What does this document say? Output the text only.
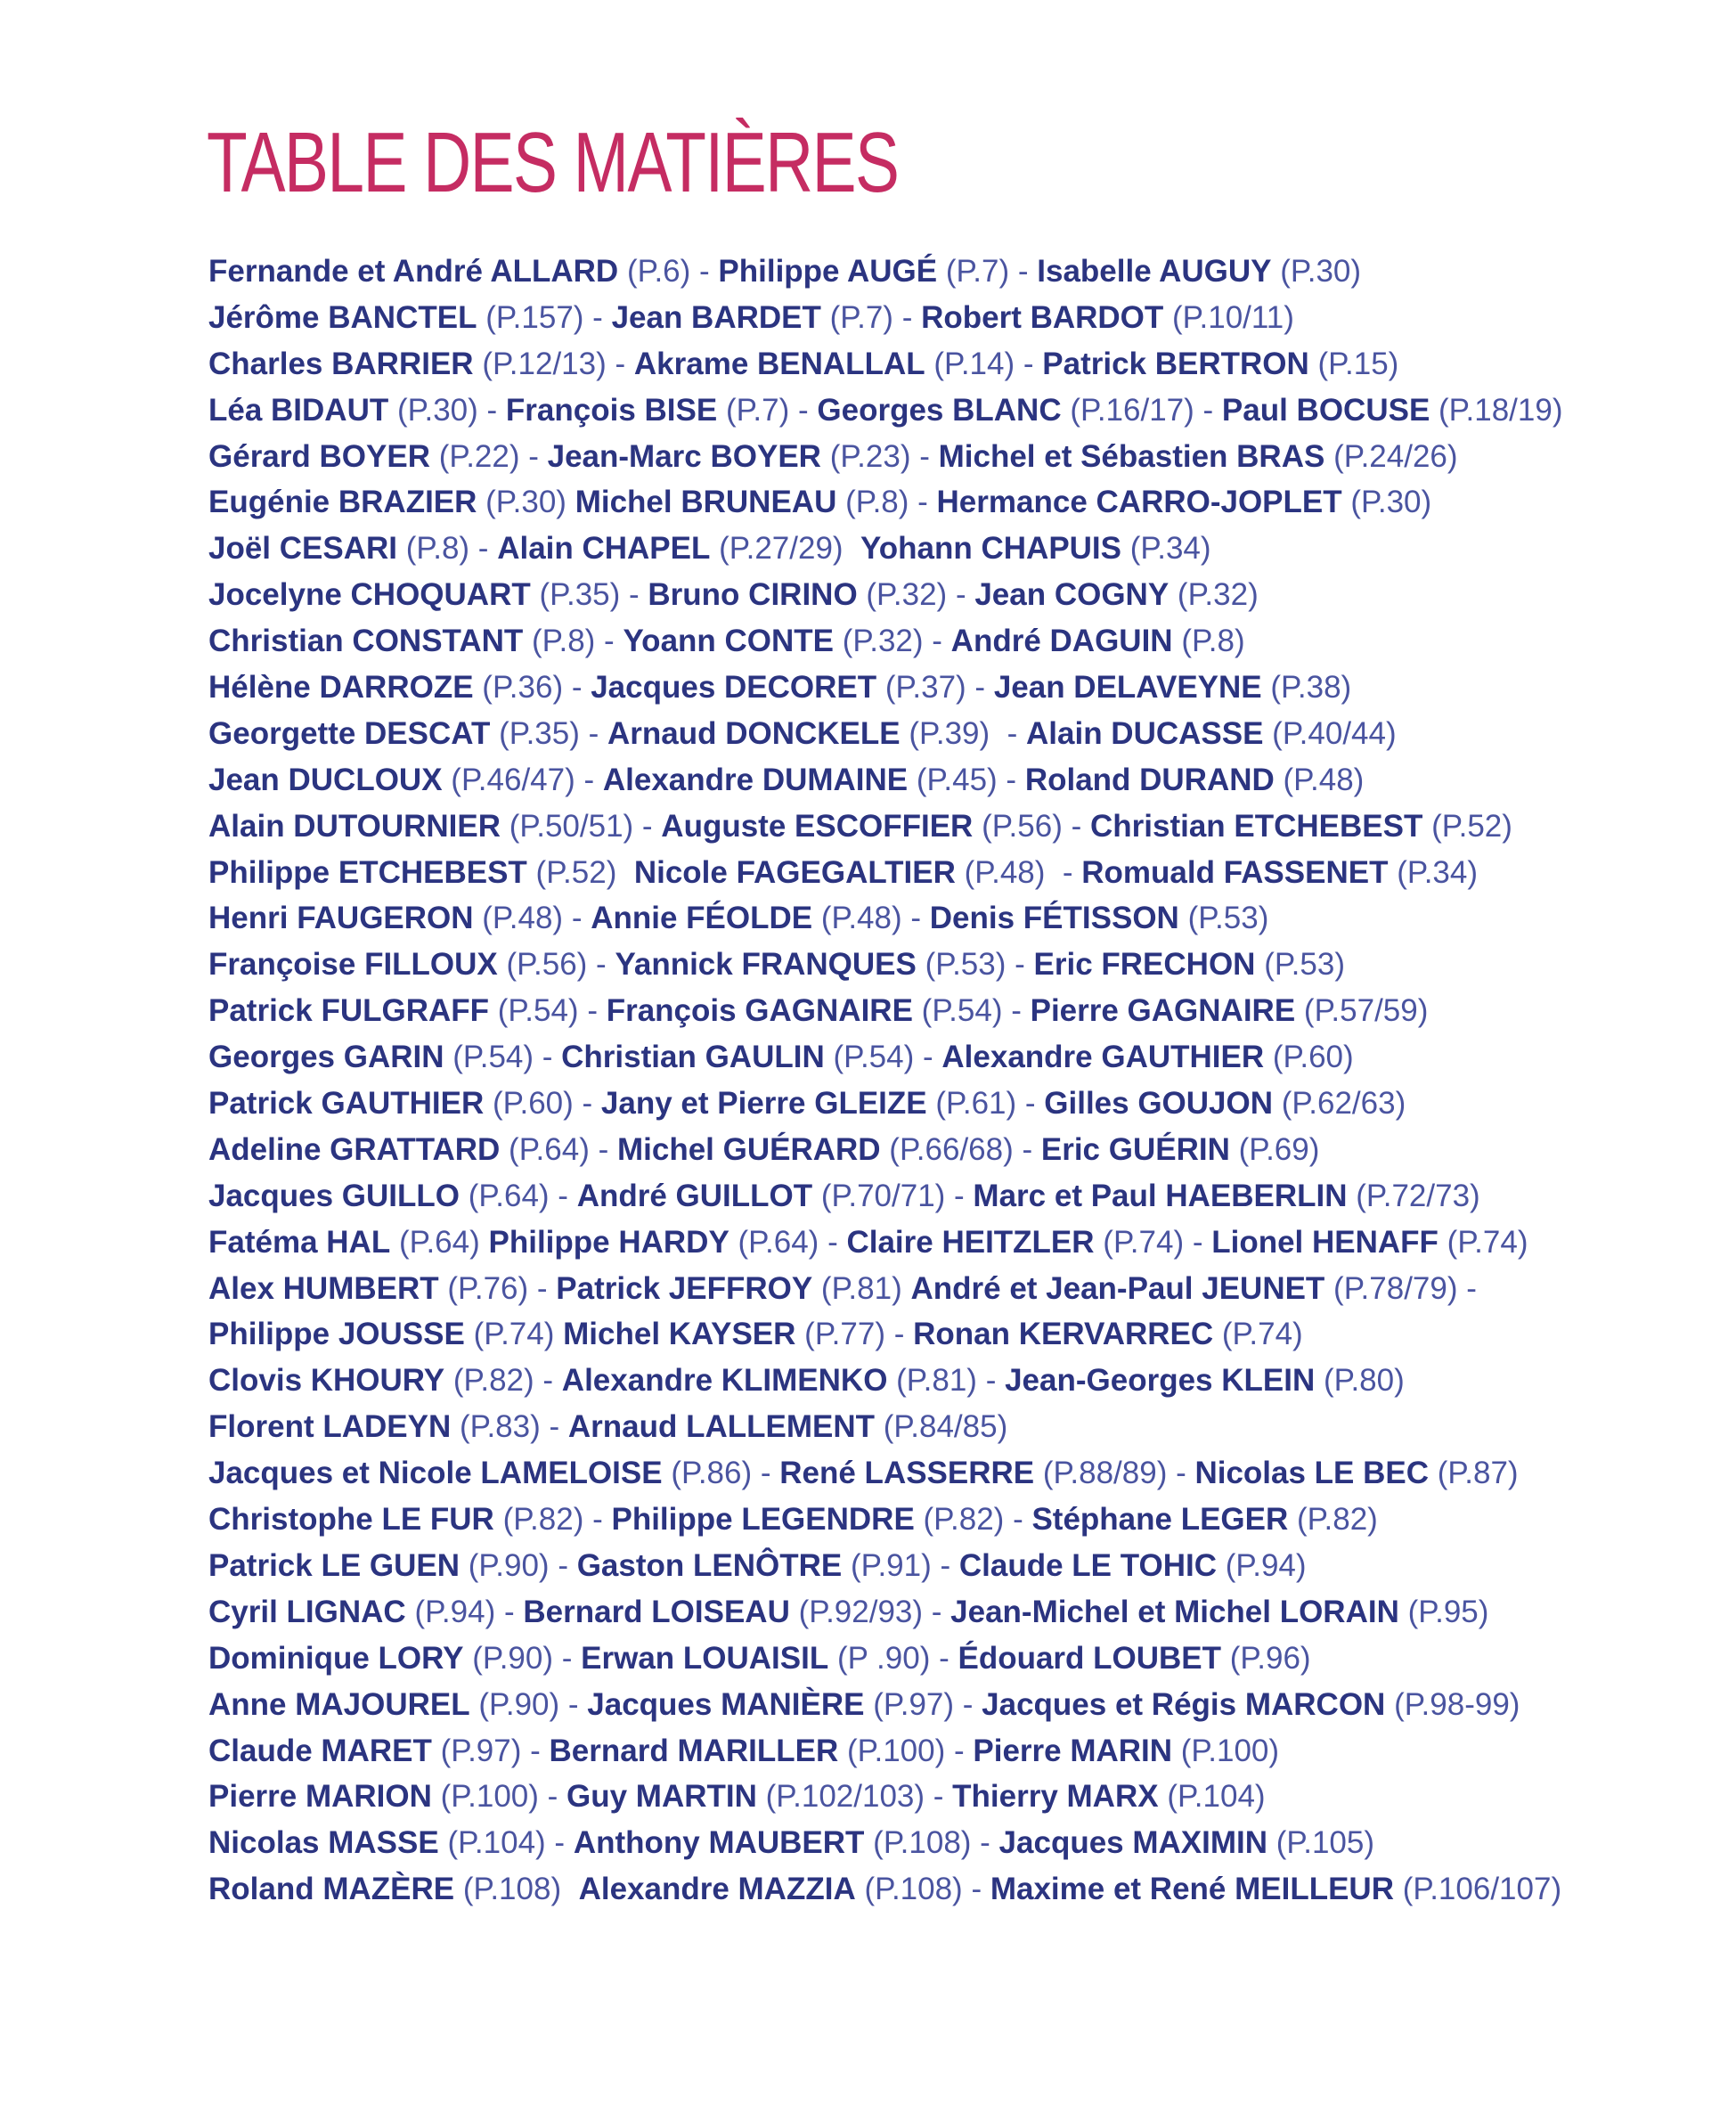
TABLE DES MATIÈRES
Fernande et André ALLARD (P.6) - Philippe AUGÉ (P.7) - Isabelle AUGUY (P.30)
Jérôme BANCTEL (P.157) - Jean BARDET (P.7) - Robert BARDOT (P.10/11)
Charles BARRIER (P.12/13) - Akrame BENALLAL (P.14) - Patrick BERTRON (P.15)
Léa BIDAUT (P.30) - François BISE (P.7) - Georges BLANC (P.16/17) - Paul BOCUSE (P.18/19)
Gérard BOYER (P.22) - Jean-Marc BOYER (P.23) - Michel et Sébastien BRAS (P.24/26)
Eugénie BRAZIER (P.30) Michel BRUNEAU (P.8) - Hermance CARRO-JOPLET (P.30)
Joël CESARI (P.8) - Alain CHAPEL (P.27/29) Yohann CHAPUIS (P.34)
Jocelyne CHOQUART (P.35) - Bruno CIRINO (P.32) - Jean COGNY (P.32)
Christian CONSTANT (P.8) - Yoann CONTE (P.32) - André DAGUIN (P.8)
Hélène DARROZE (P.36) - Jacques DECORET (P.37) - Jean DELAVEYNE (P.38)
Georgette DESCAT (P.35) - Arnaud DONCKELE (P.39)  - Alain DUCASSE (P.40/44)
Jean DUCLOUX (P.46/47) - Alexandre DUMAINE (P.45) - Roland DURAND (P.48)
Alain DUTOURNIER (P.50/51) - Auguste ESCOFFIER (P.56) - Christian ETCHEBEST (P.52)
Philippe ETCHEBEST (P.52) Nicole FAGEGALTIER (P.48)  - Romuald FASSENET (P.34)
Henri FAUGERON (P.48) - Annie FÉOLDE (P.48) - Denis FÉTISSON (P.53)
Françoise FILLOUX (P.56) - Yannick FRANQUES (P.53) - Eric FRECHON (P.53)
Patrick FULGRAFF (P.54) - François GAGNAIRE (P.54) - Pierre GAGNAIRE (P.57/59)
Georges GARIN (P.54) - Christian GAULIN (P.54) - Alexandre GAUTHIER (P.60)
Patrick GAUTHIER (P.60) - Jany et Pierre GLEIZE (P.61) - Gilles GOUJON (P.62/63)
Adeline GRATTARD (P.64) - Michel GUÉRARD (P.66/68) - Eric GUÉRIN (P.69)
Jacques GUILLO (P.64) - André GUILLOT (P.70/71) - Marc et Paul HAEBERLIN (P.72/73)
Fatéma HAL (P.64) Philippe HARDY (P.64) - Claire HEITZLER (P.74) - Lionel HENAFF (P.74)
Alex HUMBERT (P.76) - Patrick JEFFROY (P.81) André et Jean-Paul JEUNET (P.78/79) -
Philippe JOUSSE (P.74) Michel KAYSER (P.77) - Ronan KERVARREC (P.74)
Clovis KHOURY (P.82) - Alexandre KLIMENKO (P.81) - Jean-Georges KLEIN (P.80)
Florent LADEYN (P.83) - Arnaud LALLEMENT (P.84/85)
Jacques et Nicole LAMELOISE (P.86) - René LASSERRE (P.88/89) - Nicolas LE BEC (P.87)
Christophe LE FUR (P.82) - Philippe LEGENDRE (P.82) - Stéphane LEGER (P.82)
Patrick LE GUEN (P.90) - Gaston LENÔTRE (P.91) - Claude LE TOHIC (P.94)
Cyril LIGNAC (P.94) - Bernard LOISEAU (P.92/93) - Jean-Michel et Michel LORAIN (P.95)
Dominique LORY (P.90) - Erwan LOUAISIL (P .90) - Édouard LOUBET (P.96)
Anne MAJOUREL (P.90) - Jacques MANIÈRE (P.97) - Jacques et Régis MARCON (P.98-99)
Claude MARET (P.97) - Bernard MARILLER (P.100) - Pierre MARIN (P.100)
Pierre MARION (P.100) - Guy MARTIN (P.102/103) - Thierry MARX (P.104)
Nicolas MASSE (P.104) - Anthony MAUBERT (P.108) - Jacques MAXIMIN (P.105)
Roland MAZÈRE (P.108) Alexandre MAZZIA (P.108) - Maxime et René MEILLEUR (P.106/107)
